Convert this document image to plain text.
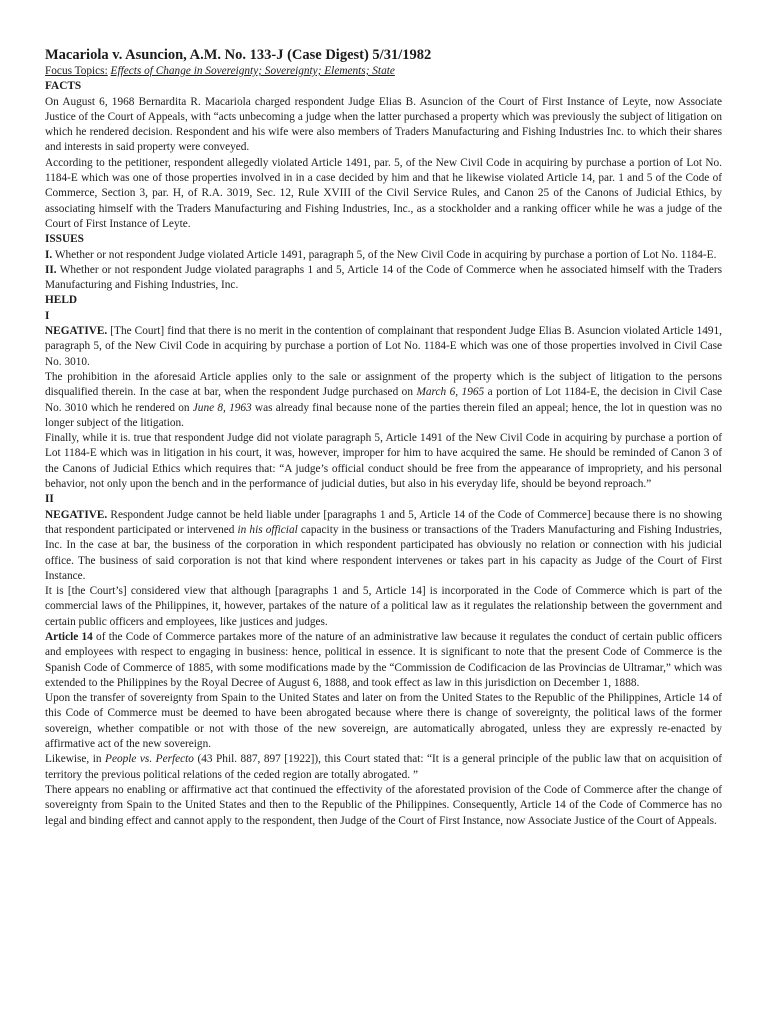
Macariola v. Asuncion, A.M. No. 133-J (Case Digest) 5/31/1982
Focus Topics: Effects of Change in Sovereignty; Sovereignty; Elements; State
FACTS

On August 6, 1968 Bernardita R. Macariola charged respondent Judge Elias B. Asuncion of the Court of First Instance of Leyte, now Associate Justice of the Court of Appeals, with “acts unbecoming a judge when the latter purchased a property which was previously the subject of litigation on which he rendered decision. Respondent and his wife were also members of Traders Manufacturing and Fishing Industries Inc. to which their shares and interests in said property were conveyed.

According to the petitioner, respondent allegedly violated Article 1491, par. 5, of the New Civil Code in acquiring by purchase a portion of Lot No. 1184-E which was one of those properties involved in in a case decided by him and that he likewise violated Article 14, par. 1 and 5 of the Code of Commerce, Section 3, par. H, of R.A. 3019, Sec. 12, Rule XVIII of the Civil Service Rules, and Canon 25 of the Canons of Judicial Ethics, by associating himself with the Traders Manufacturing and Fishing Industries, Inc., as a stockholder and a ranking officer while he was a judge of the Court of First Instance of Leyte.

ISSUES

I. Whether or not respondent Judge violated Article 1491, paragraph 5, of the New Civil Code in acquiring by purchase a portion of Lot No. 1184-E.

II. Whether or not respondent Judge violated paragraphs 1 and 5, Article 14 of the Code of Commerce when he associated himself with the Traders Manufacturing and Fishing Industries, Inc.

HELD
I

NEGATIVE. [The Court] find that there is no merit in the contention of complainant that respondent Judge Elias B. Asuncion violated Article 1491, paragraph 5, of the New Civil Code in acquiring by purchase a portion of Lot No. 1184-E which was one of those properties involved in Civil Case No. 3010.

The prohibition in the aforesaid Article applies only to the sale or assignment of the property which is the subject of litigation to the persons disqualified therein. In the case at bar, when the respondent Judge purchased on March 6, 1965 a portion of Lot 1184-E, the decision in Civil Case No. 3010 which he rendered on June 8, 1963 was already final because none of the parties therein filed an appeal; hence, the lot in question was no longer subject of the litigation.

Finally, while it is. true that respondent Judge did not violate paragraph 5, Article 1491 of the New Civil Code in acquiring by purchase a portion of Lot 1184-E which was in litigation in his court, it was, however, improper for him to have acquired the same. He should be reminded of Canon 3 of the Canons of Judicial Ethics which requires that: “A judge’s official conduct should be free from the appearance of impropriety, and his personal behavior, not only upon the bench and in the performance of judicial duties, but also in his everyday life, should be beyond reproach.”

II

NEGATIVE. Respondent Judge cannot be held liable under [paragraphs 1 and 5, Article 14 of the Code of Commerce] because there is no showing that respondent participated or intervened in his official capacity in the business or transactions of the Traders Manufacturing and Fishing Industries, Inc. In the case at bar, the business of the corporation in which respondent participated has obviously no relation or connection with his judicial office. The business of said corporation is not that kind where respondent intervenes or takes part in his capacity as Judge of the Court of First Instance.

It is [the Court’s] considered view that although [paragraphs 1 and 5, Article 14] is incorporated in the Code of Commerce which is part of the commercial laws of the Philippines, it, however, partakes of the nature of a political law as it regulates the relationship between the government and certain public officers and employees, like justices and judges.

Article 14 of the Code of Commerce partakes more of the nature of an administrative law because it regulates the conduct of certain public officers and employees with respect to engaging in business: hence, political in essence. It is significant to note that the present Code of Commerce is the Spanish Code of Commerce of 1885, with some modifications made by the “Commission de Codificacion de las Provincias de Ultramar,” which was extended to the Philippines by the Royal Decree of August 6, 1888, and took effect as law in this jurisdiction on December 1, 1888.

Upon the transfer of sovereignty from Spain to the United States and later on from the United States to the Republic of the Philippines, Article 14 of this Code of Commerce must be deemed to have been abrogated because where there is change of sovereignty, the political laws of the former sovereign, whether compatible or not with those of the new sovereign, are automatically abrogated, unless they are expressly re-enacted by affirmative act of the new sovereign.

Likewise, in People vs. Perfecto (43 Phil. 887, 897 [1922]), this Court stated that: “It is a general principle of the public law that on acquisition of territory the previous political relations of the ceded region are totally abrogated. ”

There appears no enabling or affirmative act that continued the effectivity of the aforestated provision of the Code of Commerce after the change of sovereignty from Spain to the United States and then to the Republic of the Philippines. Consequently, Article 14 of the Code of Commerce has no legal and binding effect and cannot apply to the respondent, then Judge of the Court of First Instance, now Associate Justice of the Court of Appeals.
